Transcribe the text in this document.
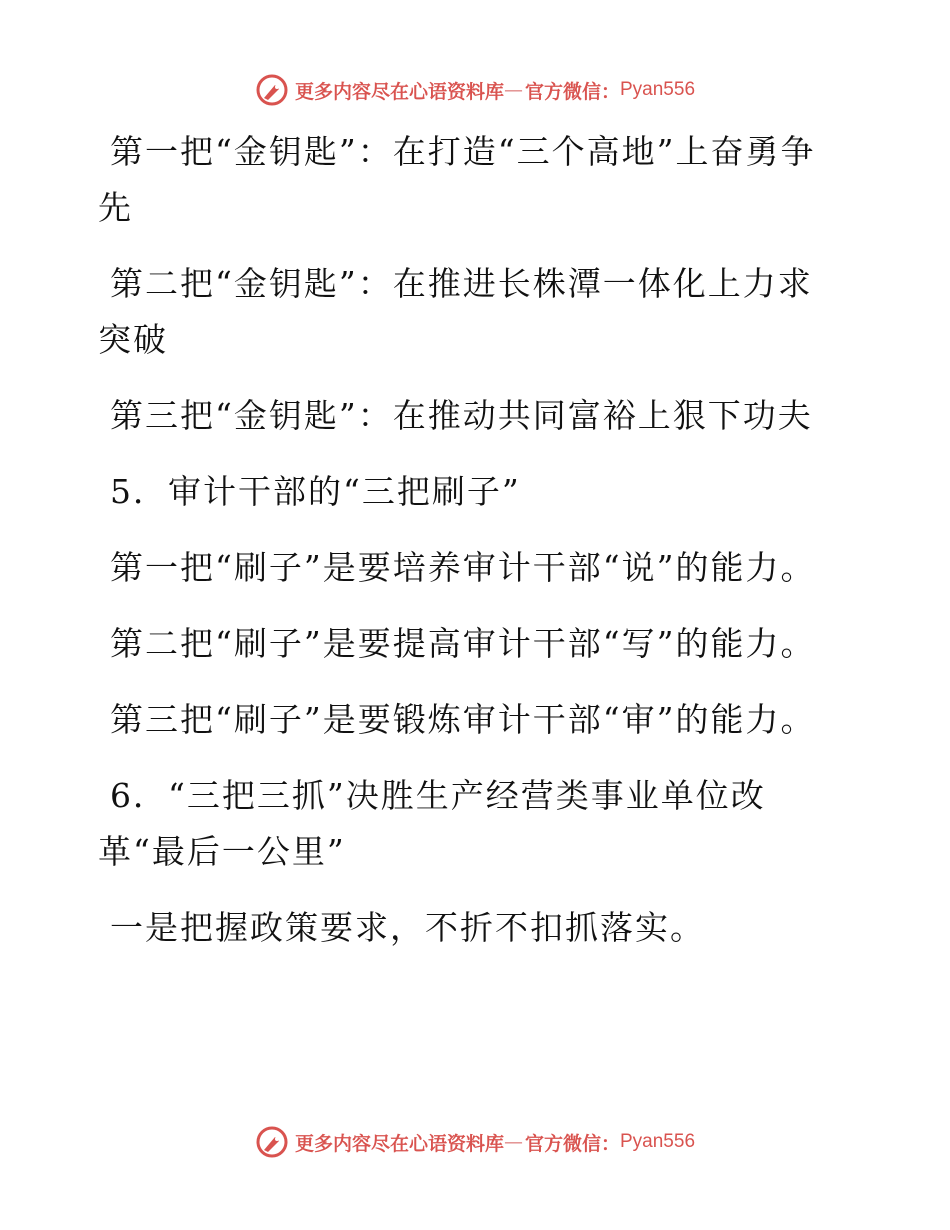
更多内容尽在心语资料库 — 官方微信： Pyan556

第一把“金钥匙”：在打造“三个高地”上奋勇争先

第二把“金钥匙”：在推进长株潭一体化上力求突破

第三把“金钥匙”：在推动共同富裕上狠下功夫

5．审计干部的“三把刷子”

第一把“刷子”是要培养审计干部“说”的能力。

第二把“刷子”是要提高审计干部“写”的能力。

第三把“刷子”是要锻炼审计干部“审”的能力。

6．“三把三抓”决胜生产经营类事业单位改革“最后一公里”

一是把握政策要求，不折不扣抓落实。

更多内容尽在心语资料库 — 官方微信： Pyan556
